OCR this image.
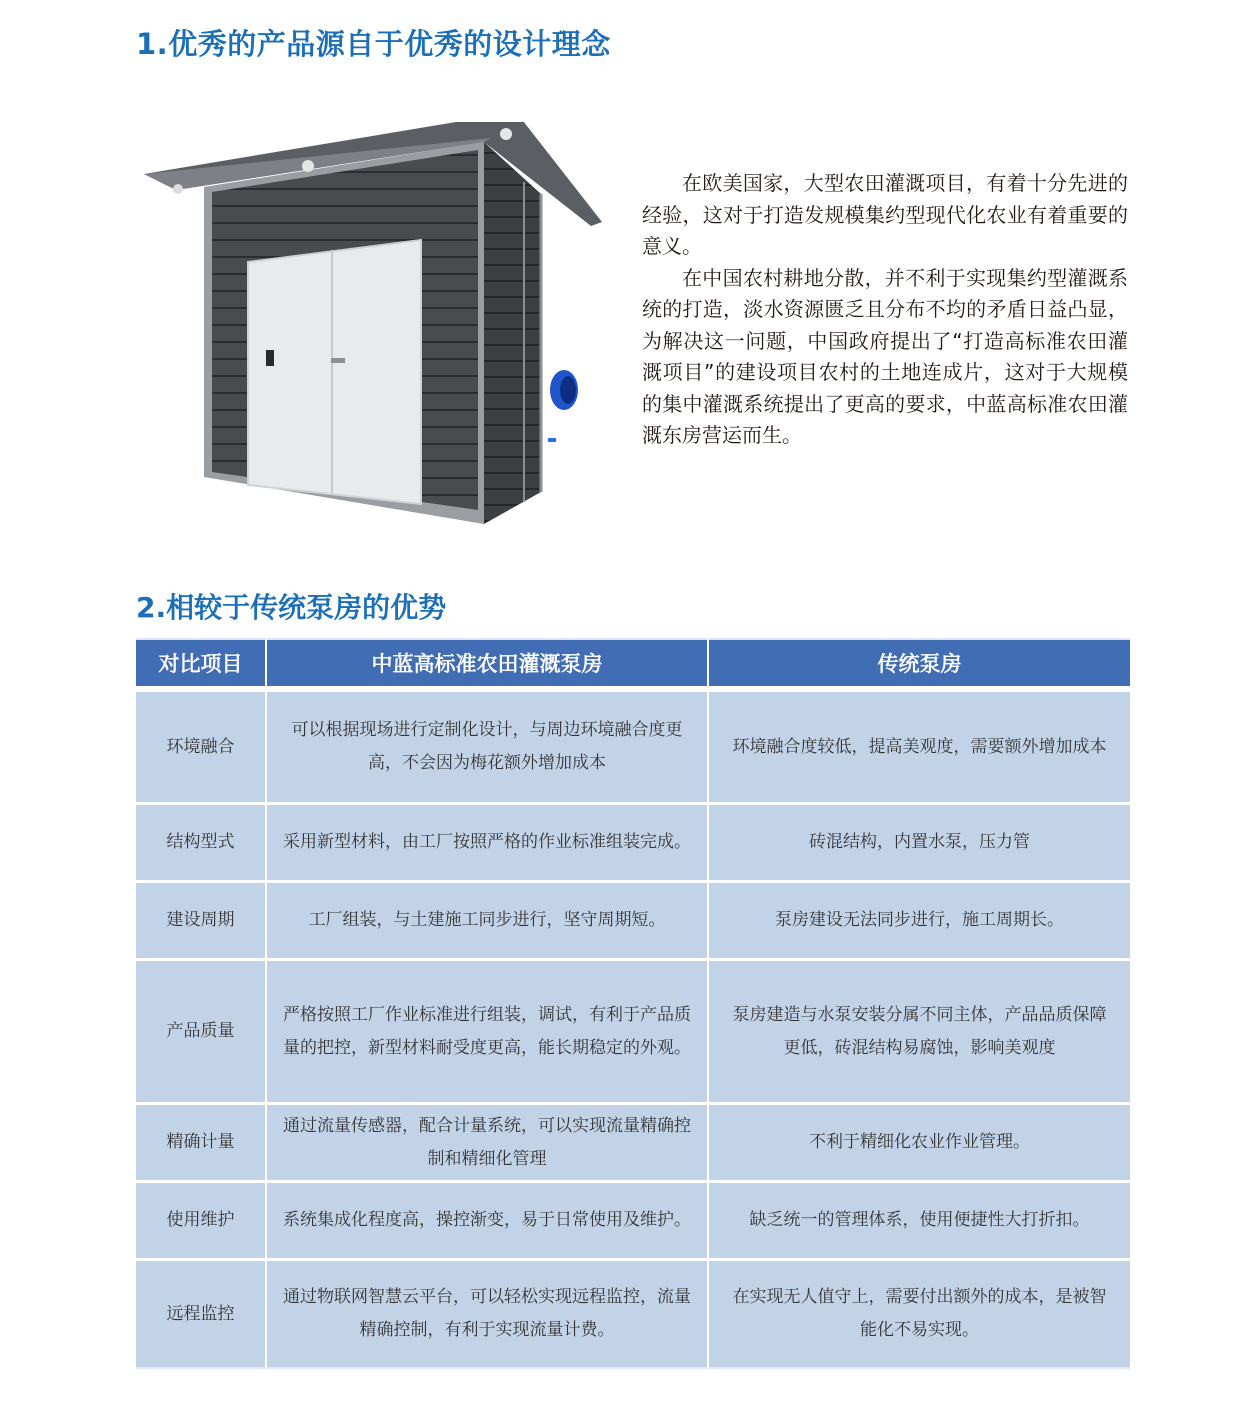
1.优秀的产品源自于优秀的设计理念

在欧美国家，大型农田灌溉项目，有着十分先进的经验，这对于打造发规模集约型现代化农业有着重要的意义。

在中国农村耕地分散，并不利于实现集约型灌溉系统的打造，淡水资源匮乏且分布不均的矛盾日益凸显，为解决这一问题，中国政府提出了“打造高标准农田灌溉项目”的建设项目农村的土地连成片，这对于大规模的集中灌溉系统提出了更高的要求，中蓝高标准农田灌溉东房营运而生。

2.相较于传统泵房的优势
对比项目	中蓝高标准农田灌溉泵房	传统泵房

环境融合	可以根据现场进行定制化设计，与周边环境融合度更 高，不会因为梅花额外增加成本	环境融合度较低，提高美观度，需要额外增加成本

结构型式	采用新型材料，由工厂按照严格的作业标准组装完成。	砖混结构，内置水泵，压力管

建设周期	工厂组装，与土建施工同步进行，坚守周期短。	泵房建设无法同步进行，施工周期长。

产品质量	严格按照工厂作业标准进行组装，调试，有利于产品质量的把控，新型材料耐受度更高，能长期稳定的外观。	泵房建造与水泵安装分属不同主体，产品品质保障更低，砖混结构易腐蚀，影响美观度

精确计量	通过流量传感器，配合计量系统，可以实现流量精确控制和精细化管理	不利于精细化农业作业管理。

使用维护	系统集成化程度高，操控渐变，易于日常使用及维护。	缺乏统一的管理体系，使用便捷性大打折扣。

远程监控	通过物联网智慧云平台，可以轻松实现远程监控，流量精确控制，有利于实现流量计费。	在实现无人值守上，需要付出额外的成本，是被智能化不易实现。
